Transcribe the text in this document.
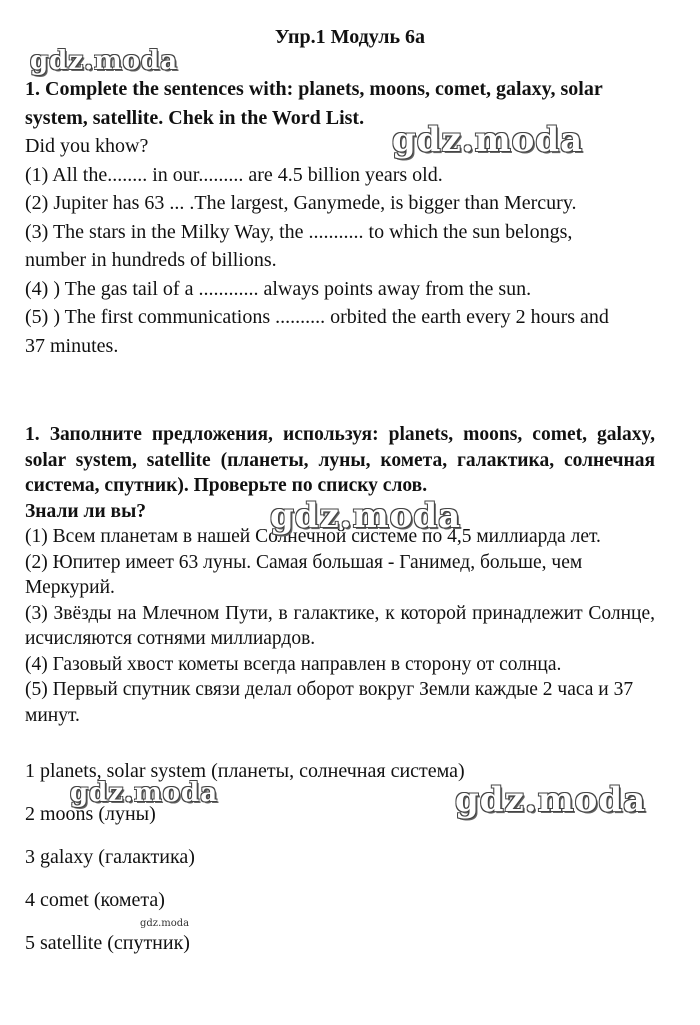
Упр.1 Модуль 6а
1. Complete the sentences with: planets, moons, comet, galaxy, solar
system, satellite. Chek in the Word List.
Did you khow?
(1) All the........ in our......... are 4.5 billion years old.
(2) Jupiter has 63 ... .The largest, Ganymede, is bigger than Mercury.
(3) The stars in the Milky Way, the ........... to which the sun belongs,
number in hundreds of billions.
(4) ) The gas tail of a ............ always points away from the sun.
(5) ) The first communications .......... orbited the earth every 2 hours and
37 minutes.

1. Заполните предложения, используя: planets, moons, comet, galaxy, solar system, satellite (планеты, луны, комета, галактика, солнечная система, спутник). Проверьте по списку слов.

Знали ли вы?

(1) Всем планетам в нашей Солнечной системе по 4,5 миллиарда лет.

(2) Юпитер имеет 63 луны. Самая большая - Ганимед, больше, чем Меркурий.

(3) Звёзды на Млечном Пути, в галактике, к которой принадлежит Солнце, исчисляются сотнями миллиардов.

(4) Газовый хвост кометы всегда направлен в сторону от солнца.

(5) Первый спутник связи делал оборот вокруг Земли каждые 2 часа и 37 минут.

1 planets, solar system (планеты, солнечная система)
2 moons (луны)
3 galaxy (галактика)
4 comet (комета)
5 satellite (спутник)
gdz.moda
gdz.moda
gdz.moda
gdz.moda	gdz.moda
gdz.moda
